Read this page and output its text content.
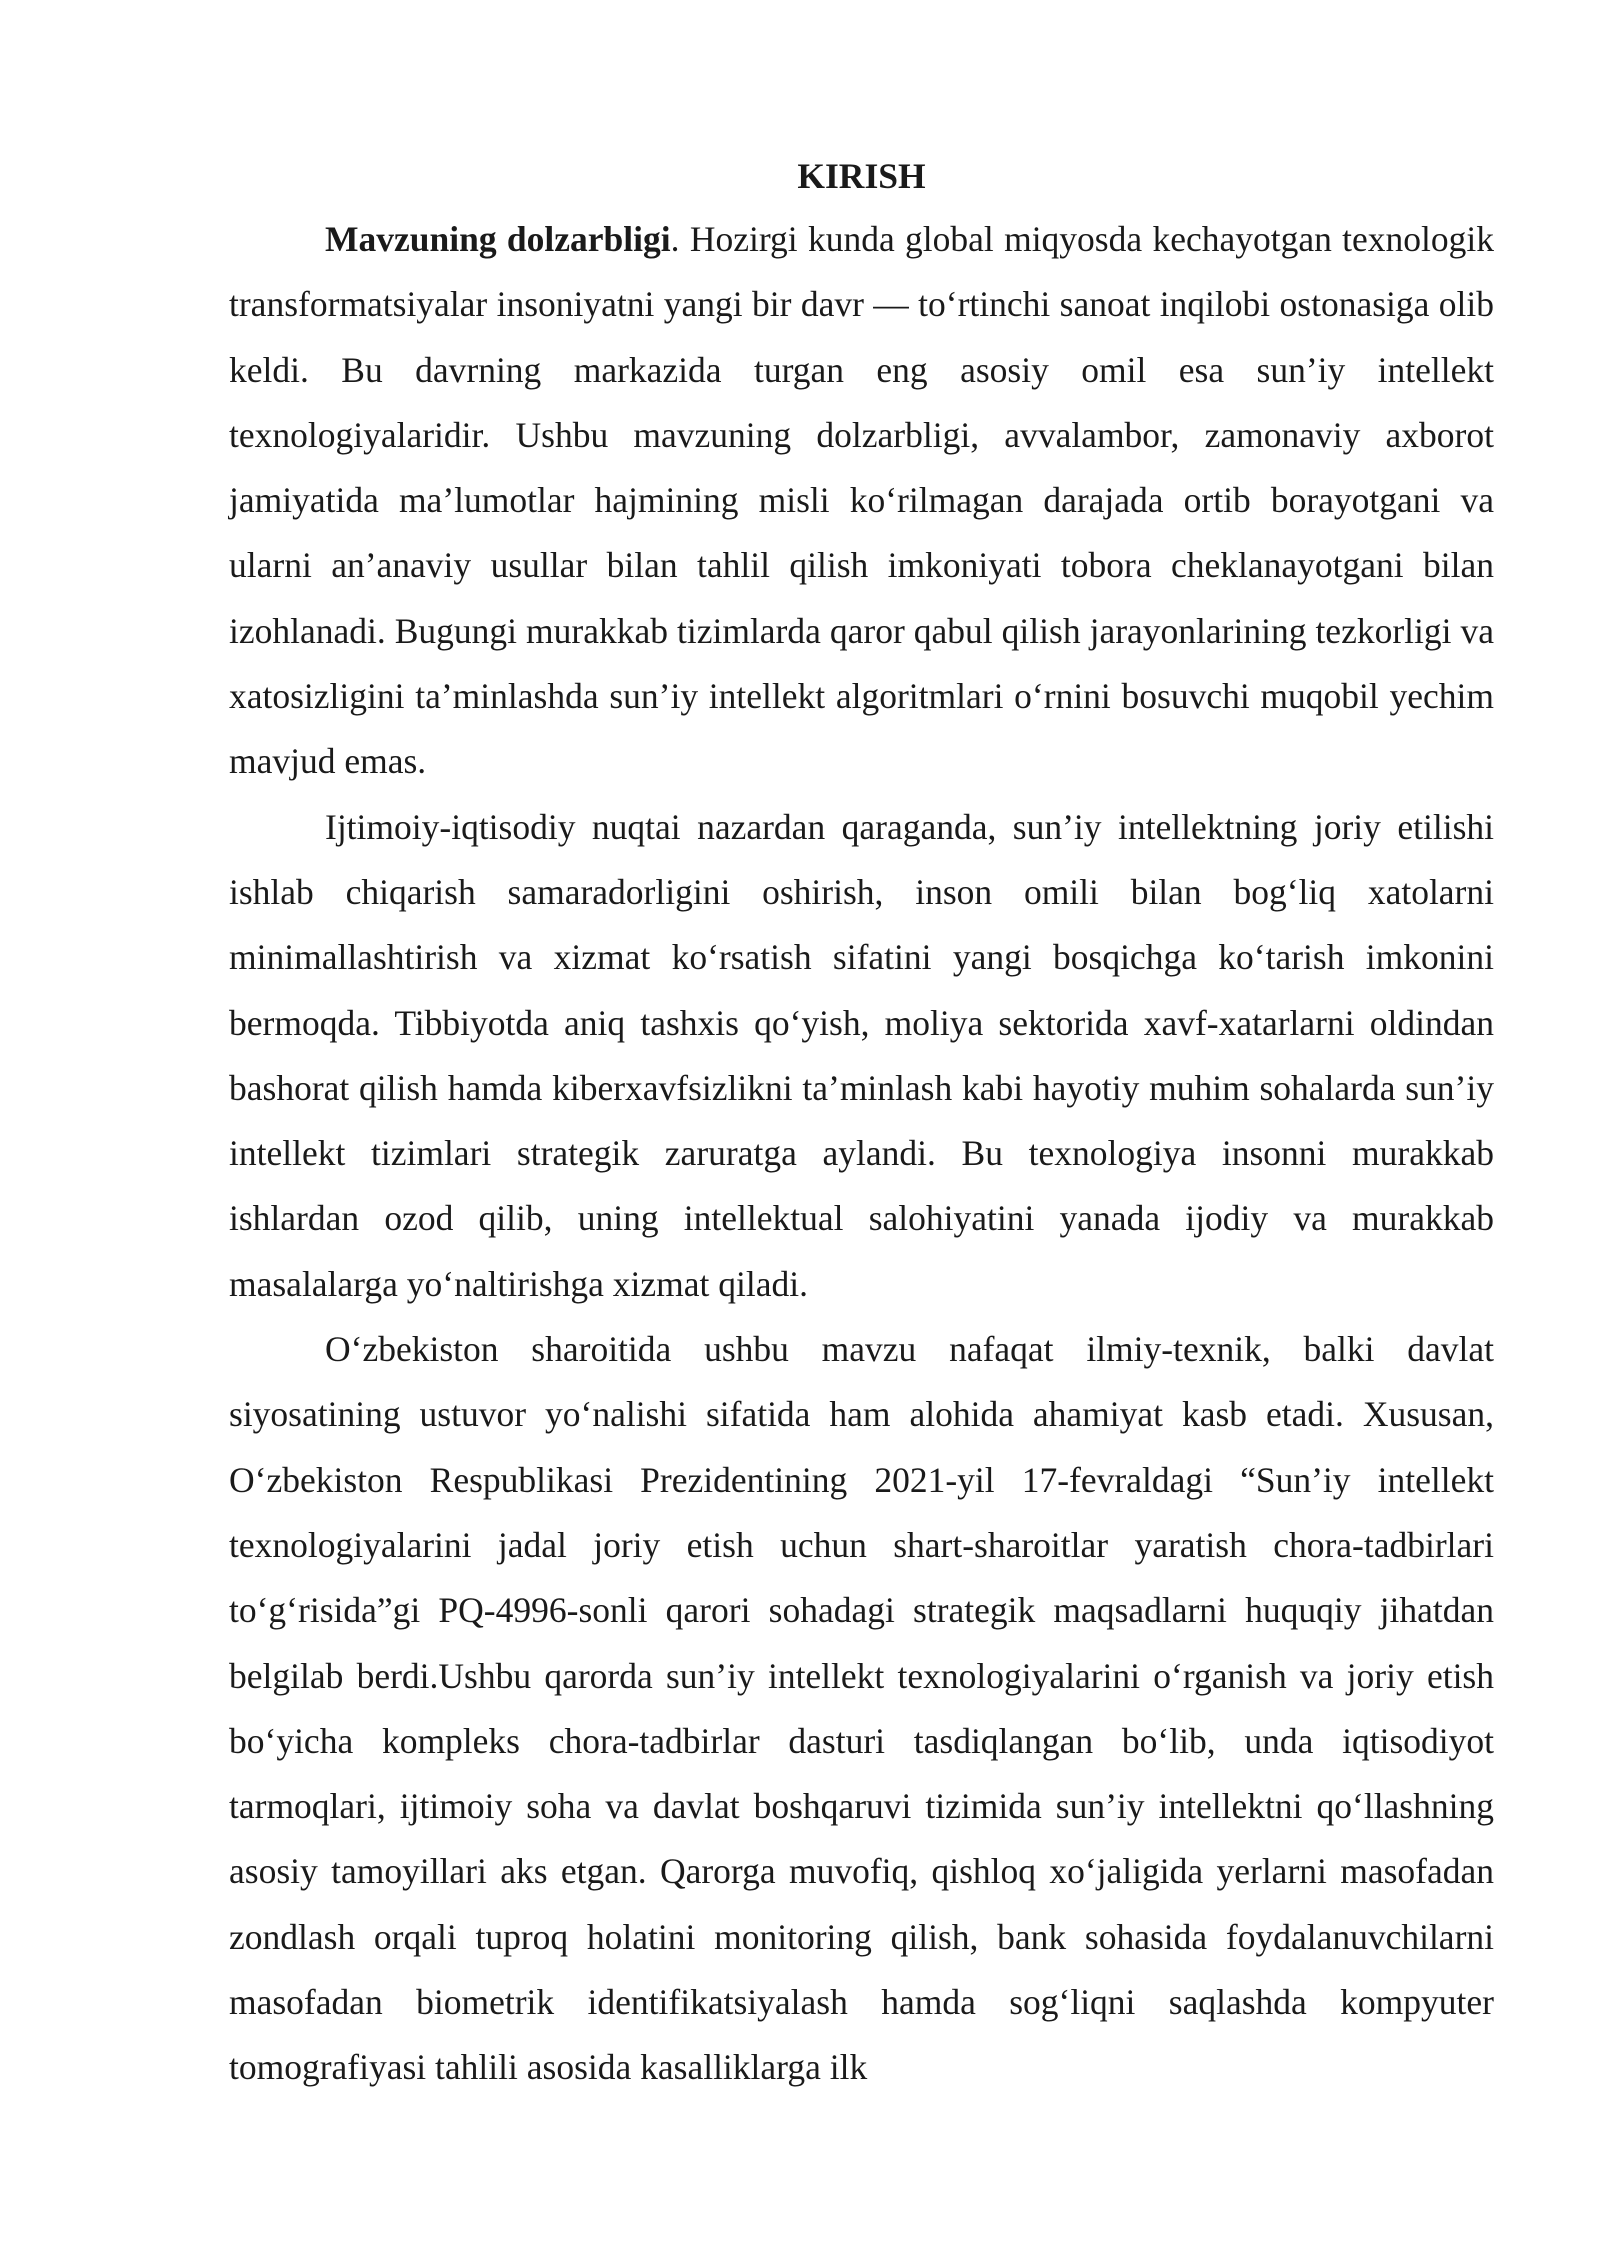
KIRISH

Mavzuning dolzarbligi. Hozirgi kunda global miqyosda kechayotgan texnologik transformatsiyalar insoniyatni yangi bir davr — to‘rtinchi sanoat inqilobi ostonasiga olib keldi. Bu davrning markazida turgan eng asosiy omil esa sun’iy intellekt texnologiyalaridir. Ushbu mavzuning dolzarbligi, avvalambor, zamonaviy axborot jamiyatida ma’lumotlar hajmining misli ko‘rilmagan darajada ortib borayotgani va ularni an’anaviy usullar bilan tahlil qilish imkoniyati tobora cheklanayotgani bilan izohlanadi. Bugungi murakkab tizimlarda qaror qabul qilish jarayonlarining tezkorligi va xatosizligini ta’minlashda sun’iy intellekt algoritmlari o‘rnini bosuvchi muqobil yechim mavjud emas.

Ijtimoiy-iqtisodiy nuqtai nazardan qaraganda, sun’iy intellektning joriy etilishi ishlab chiqarish samaradorligini oshirish, inson omili bilan bog‘liq xatolarni minimallashtirish va xizmat ko‘rsatish sifatini yangi bosqichga ko‘tarish imkonini bermoqda. Tibbiyotda aniq tashxis qo‘yish, moliya sektorida xavf-xatarlarni oldindan bashorat qilish hamda kiberxavfsizlikni ta’minlash kabi hayotiy muhim sohalarda sun’iy intellekt tizimlari strategik zaruratga aylandi. Bu texnologiya insonni murakkab ishlardan ozod qilib, uning intellektual salohiyatini yanada ijodiy va murakkab masalalarga yo‘naltirishga xizmat qiladi.

O‘zbekiston sharoitida ushbu mavzu nafaqat ilmiy-texnik, balki davlat siyosatining ustuvor yo‘nalishi sifatida ham alohida ahamiyat kasb etadi. Xususan, O‘zbekiston Respublikasi Prezidentining 2021-yil 17-fevraldagi “Sun’iy intellekt texnologiyalarini jadal joriy etish uchun shart-sharoitlar yaratish chora-tadbirlari to‘g‘risida”gi PQ-4996-sonli qarori sohadagi strategik maqsadlarni huquqiy jihatdan belgilab berdi.Ushbu qarorda sun’iy intellekt texnologiyalarini o‘rganish va joriy etish bo‘yicha kompleks chora-tadbirlar dasturi tasdiqlangan bo‘lib, unda iqtisodiyot tarmoqlari, ijtimoiy soha va davlat boshqaruvi tizimida sun’iy intellektni qo‘llashning asosiy tamoyillari aks etgan. Qarorga muvofiq, qishloq xo‘jaligida yerlarni masofadan zondlash orqali tuproq holatini monitoring qilish, bank sohasida foydalanuvchilarni masofadan biometrik identifikatsiyalash hamda sog‘liqni saqlashda kompyuter tomografiyasi tahlili asosida kasalliklarga ilk
